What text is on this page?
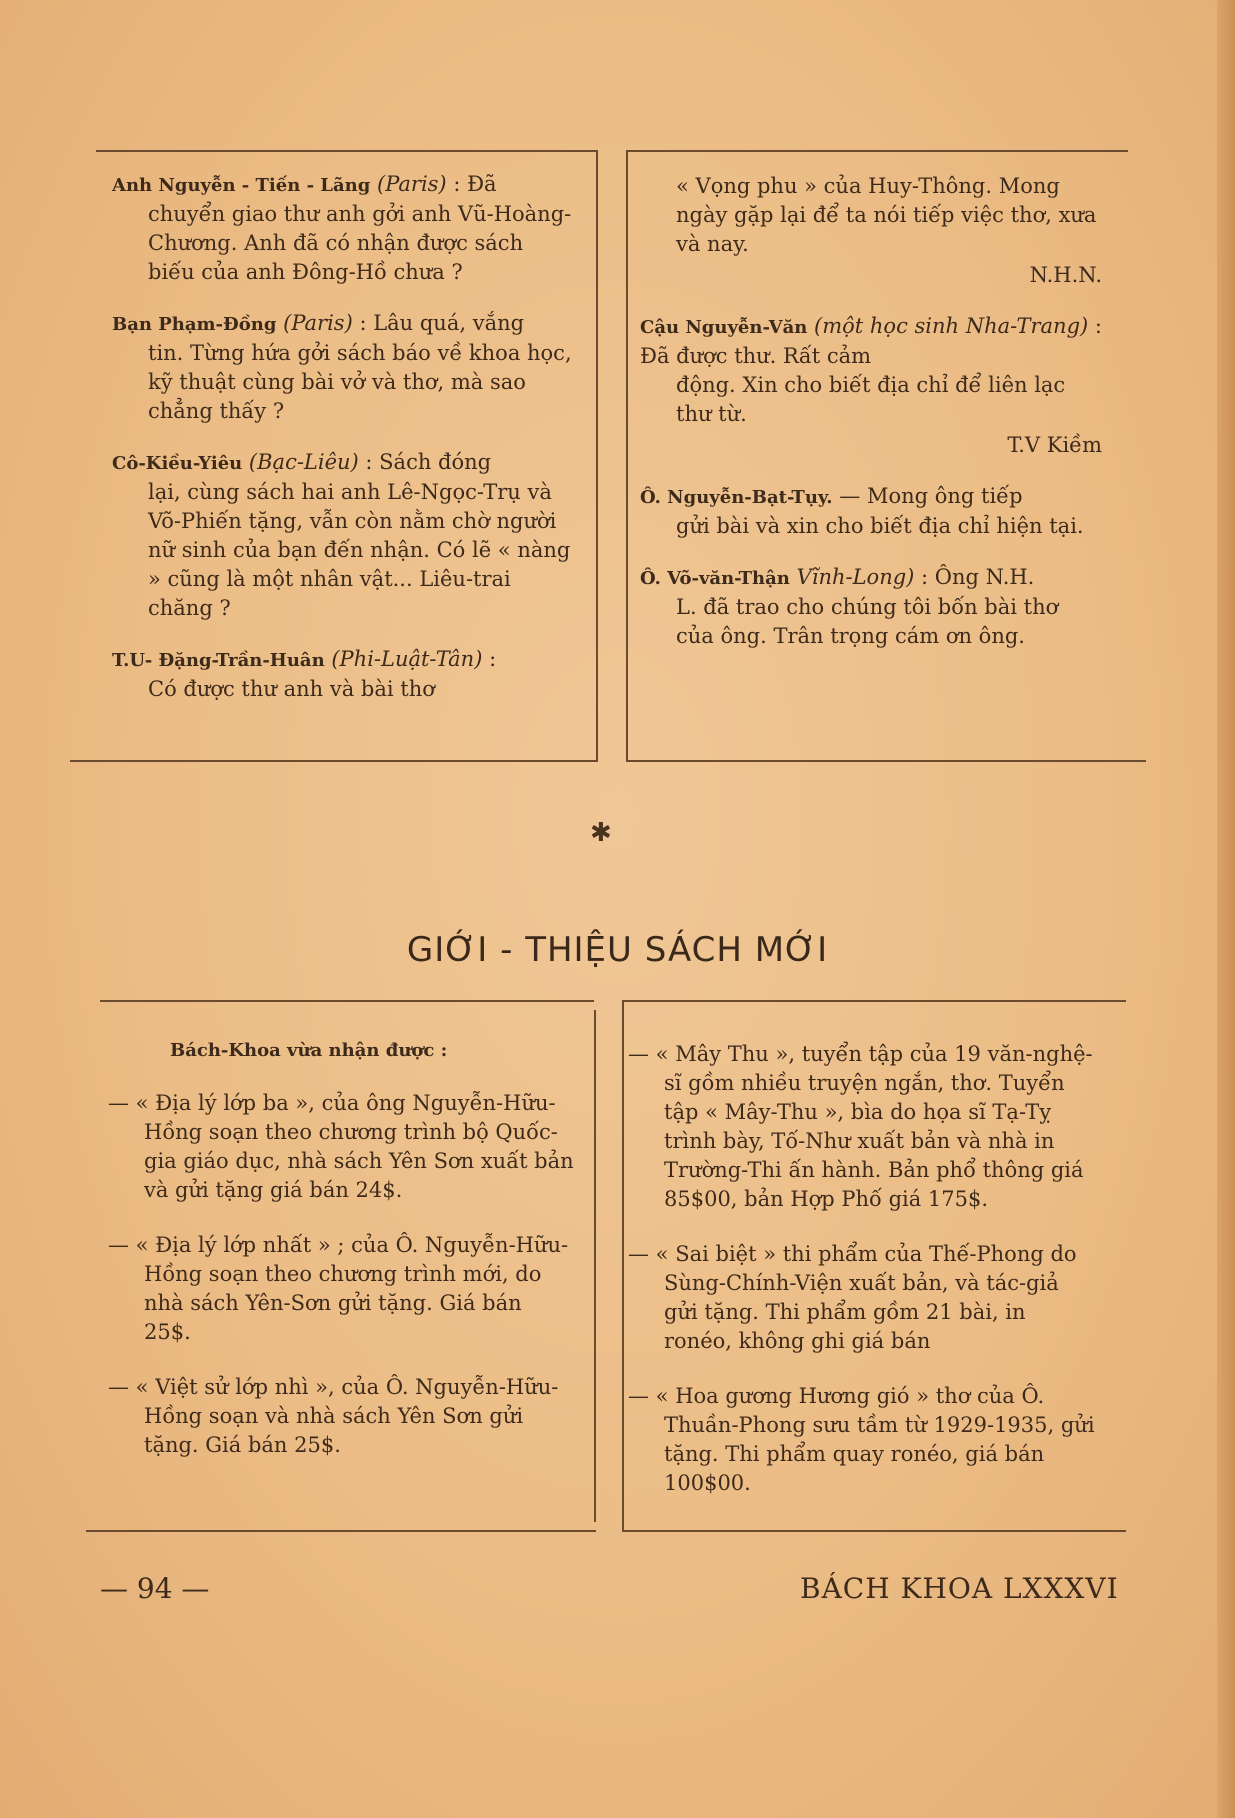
Anh Nguyễn - Tiến - Lãng (Paris) : Đã
chuyển giao thư anh gởi anh Vũ-Hoàng-Chương. Anh đã có nhận được sách biếu của anh Đông-Hồ chưa ?
Bạn Phạm-Đồng (Paris) : Lâu quá, vắng
tin. Từng hứa gởi sách báo về khoa học, kỹ thuật cùng bài vở và thơ, mà sao chẳng thấy ?
Cô-Kiều-Yiêu (Bạc-Liêu) : Sách đóng
lại, cùng sách hai anh Lê-Ngọc-Trụ và Võ-Phiến tặng, vẫn còn nằm chờ người nữ sinh của bạn đến nhận. Có lẽ « nàng » cũng là một nhân vật... Liêu-trai chăng ?
T.U- Đặng-Trần-Huân (Phi-Luật-Tân) :
Có được thư anh và bài thơ
« Vọng phu » của Huy-Thông. Mong ngày gặp lại để ta nói tiếp việc thơ, xưa và nay.
N.H.N.
Cậu Nguyễn-Văn (một học sinh Nha-Trang) : Đã được thư. Rất cảm
động. Xin cho biết địa chỉ để liên lạc thư từ.
T.V Kiềm
Ô. Nguyễn-Bạt-Tụy. — Mong ông tiếp
gửi bài và xin cho biết địa chỉ hiện tại.
Ô. Võ-văn-Thận Vĩnh-Long) : Ông N.H.
L. đã trao cho chúng tôi bốn bài thơ của ông. Trân trọng cám ơn ông.
✱
GIỚI - THIỆU SÁCH MỚI
Bách-Khoa vừa nhận được :
— « Địa lý lớp ba », của ông Nguyễn-Hữu-Hồng soạn theo chương trình bộ Quốc-gia giáo dục, nhà sách Yên Sơn xuất bản và gửi tặng giá bán 24$.
— « Địa lý lớp nhất » ; của Ô. Nguyễn-Hữu-Hồng soạn theo chương trình mới, do nhà sách Yên-Sơn gửi tặng. Giá bán 25$.
— « Việt sử lớp nhì », của Ô. Nguyễn-Hữu-Hồng soạn và nhà sách Yên Sơn gửi tặng. Giá bán 25$.
— « Mây Thu », tuyển tập của 19 văn-nghệ-sĩ gồm nhiều truyện ngắn, thơ. Tuyển tập « Mây-Thu », bìa do họa sĩ Tạ-Tỵ trình bày, Tố-Như xuất bản và nhà in Trường-Thi ấn hành. Bản phổ thông giá 85$00, bản Hợp Phố giá 175$.
— « Sai biệt » thi phẩm của Thế-Phong do Sùng-Chính-Viện xuất bản, và tác-giả gửi tặng. Thi phẩm gồm 21 bài, in ronéo, không ghi giá bán
— « Hoa gương Hương gió » thơ của Ô. Thuần-Phong sưu tầm từ 1929-1935, gửi tặng. Thi phẩm quay ronéo, giá bán 100$00.
— 94 —	BÁCH KHOA LXXXVI
